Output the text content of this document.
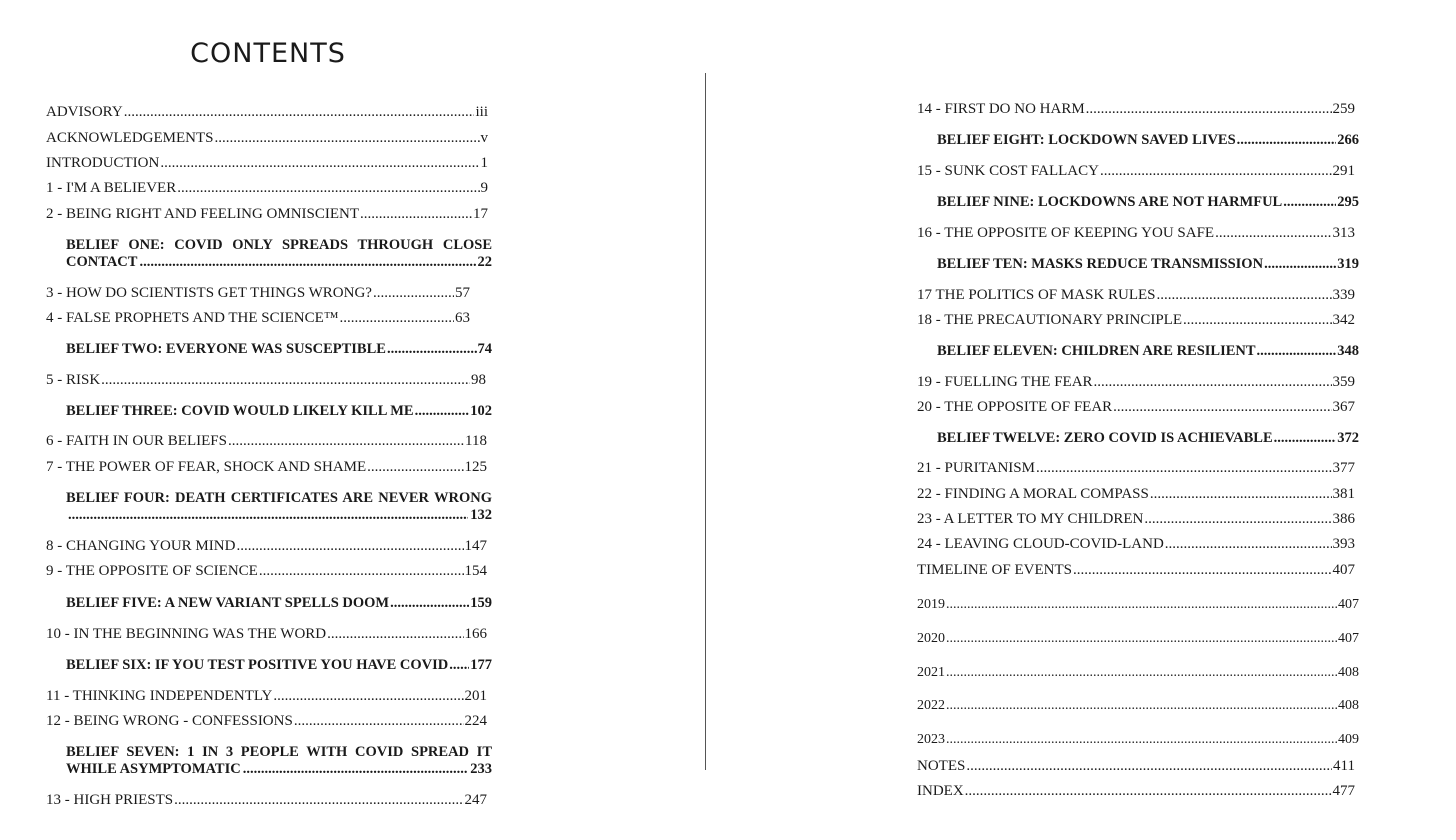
CONTENTS
ADVISORY .....	iii
ACKNOWLEDGEMENTS .....	v
INTRODUCTION .....	1
1 - I'M A BELIEVER .....	9
2 - BEING RIGHT AND FEELING OMNISCIENT .....	17
BELIEF ONE: COVID ONLY SPREADS THROUGH CLOSE
CONTACT .....	22
3 - HOW DO SCIENTISTS GET THINGS WRONG? .....	57
4 - FALSE PROPHETS AND THE SCIENCE™ .....	63
BELIEF TWO: EVERYONE WAS SUSCEPTIBLE .....	74
5 - RISK .....	98
BELIEF THREE: COVID WOULD LIKELY KILL ME .....	102
6 - FAITH IN OUR BELIEFS .....	118
7 - THE POWER OF FEAR, SHOCK AND SHAME .....	125
BELIEF FOUR: DEATH CERTIFICATES ARE NEVER WRONG
.....
132
8 - CHANGING YOUR MIND .....	147
9 - THE OPPOSITE OF SCIENCE .....	154
BELIEF FIVE: A NEW VARIANT SPELLS DOOM .....	159
10 - IN THE BEGINNING WAS THE WORD .....	166
BELIEF SIX: IF YOU TEST POSITIVE YOU HAVE COVID ..... 177
11 - THINKING INDEPENDENTLY .....	201
12 - BEING WRONG - CONFESSIONS .....	224
BELIEF SEVEN: 1 IN 3 PEOPLE WITH COVID SPREAD IT
WHILE ASYMPTOMATIC .....	233
13 - HIGH PRIESTS .....	247
14 - FIRST DO NO HARM .....	259
BELIEF EIGHT: LOCKDOWN SAVED LIVES .....	266
15 - SUNK COST FALLACY .....	291
BELIEF NINE: LOCKDOWNS ARE NOT HARMFUL .....	295
16 - THE OPPOSITE OF KEEPING YOU SAFE .....	313
BELIEF TEN: MASKS REDUCE TRANSMISSION .....	319
17 THE POLITICS OF MASK RULES .....	339
18 - THE PRECAUTIONARY PRINCIPLE .....	342
BELIEF ELEVEN: CHILDREN ARE RESILIENT .....	348
19 - FUELLING THE FEAR .....	359
20 - THE OPPOSITE OF FEAR .....	367
BELIEF TWELVE: ZERO COVID IS ACHIEVABLE .....	372
21 - PURITANISM .....	377
22 - FINDING A MORAL COMPASS .....	381
23 - A LETTER TO MY CHILDREN .....	386
24 - LEAVING CLOUD-COVID-LAND .....	393
TIMELINE OF EVENTS .....	407
2019 .....	407
2020 .....	407
2021 .....	408
2022 .....	408
2023 .....	409
NOTES .....	411
INDEX .....	477
